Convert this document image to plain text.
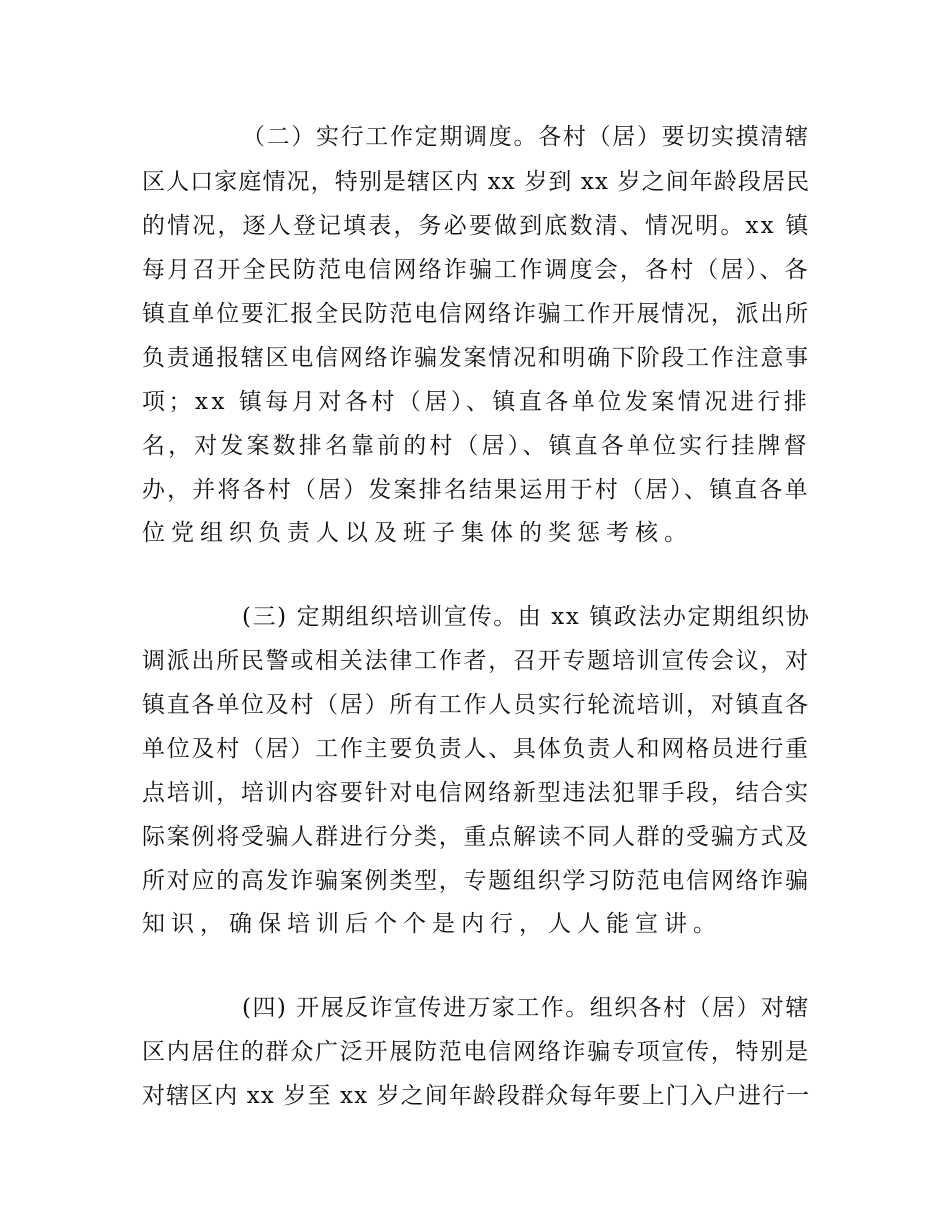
（二）实行工作定期调度。各村（居）要切实摸清辖
区人口家庭情况，特别是辖区内 xx 岁到 xx 岁之间年龄段居民
的情况，逐人登记填表，务必要做到底数清、情况明。xx 镇
每月召开全民防范电信网络诈骗工作调度会，各村（居）、各
镇直单位要汇报全民防范电信网络诈骗工作开展情况，派出所
负责通报辖区电信网络诈骗发案情况和明确下阶段工作注意事
项；xx 镇每月对各村（居）、镇直各单位发案情况进行排
名，对发案数排名靠前的村（居）、镇直各单位实行挂牌督
办，并将各村（居）发案排名结果运用于村（居）、镇直各单
位党组织负责人以及班子集体的奖惩考核。
(三) 定期组织培训宣传。由 xx 镇政法办定期组织协
调派出所民警或相关法律工作者，召开专题培训宣传会议，对
镇直各单位及村（居）所有工作人员实行轮流培训，对镇直各
单位及村（居）工作主要负责人、具体负责人和网格员进行重
点培训，培训内容要针对电信网络新型违法犯罪手段，结合实
际案例将受骗人群进行分类，重点解读不同人群的受骗方式及
所对应的高发诈骗案例类型，专题组织学习防范电信网络诈骗
知识，确保培训后个个是内行，人人能宣讲。
(四) 开展反诈宣传进万家工作。组织各村（居）对辖
区内居住的群众广泛开展防范电信网络诈骗专项宣传，特别是
对辖区内 xx 岁至 xx 岁之间年龄段群众每年要上门入户进行一
